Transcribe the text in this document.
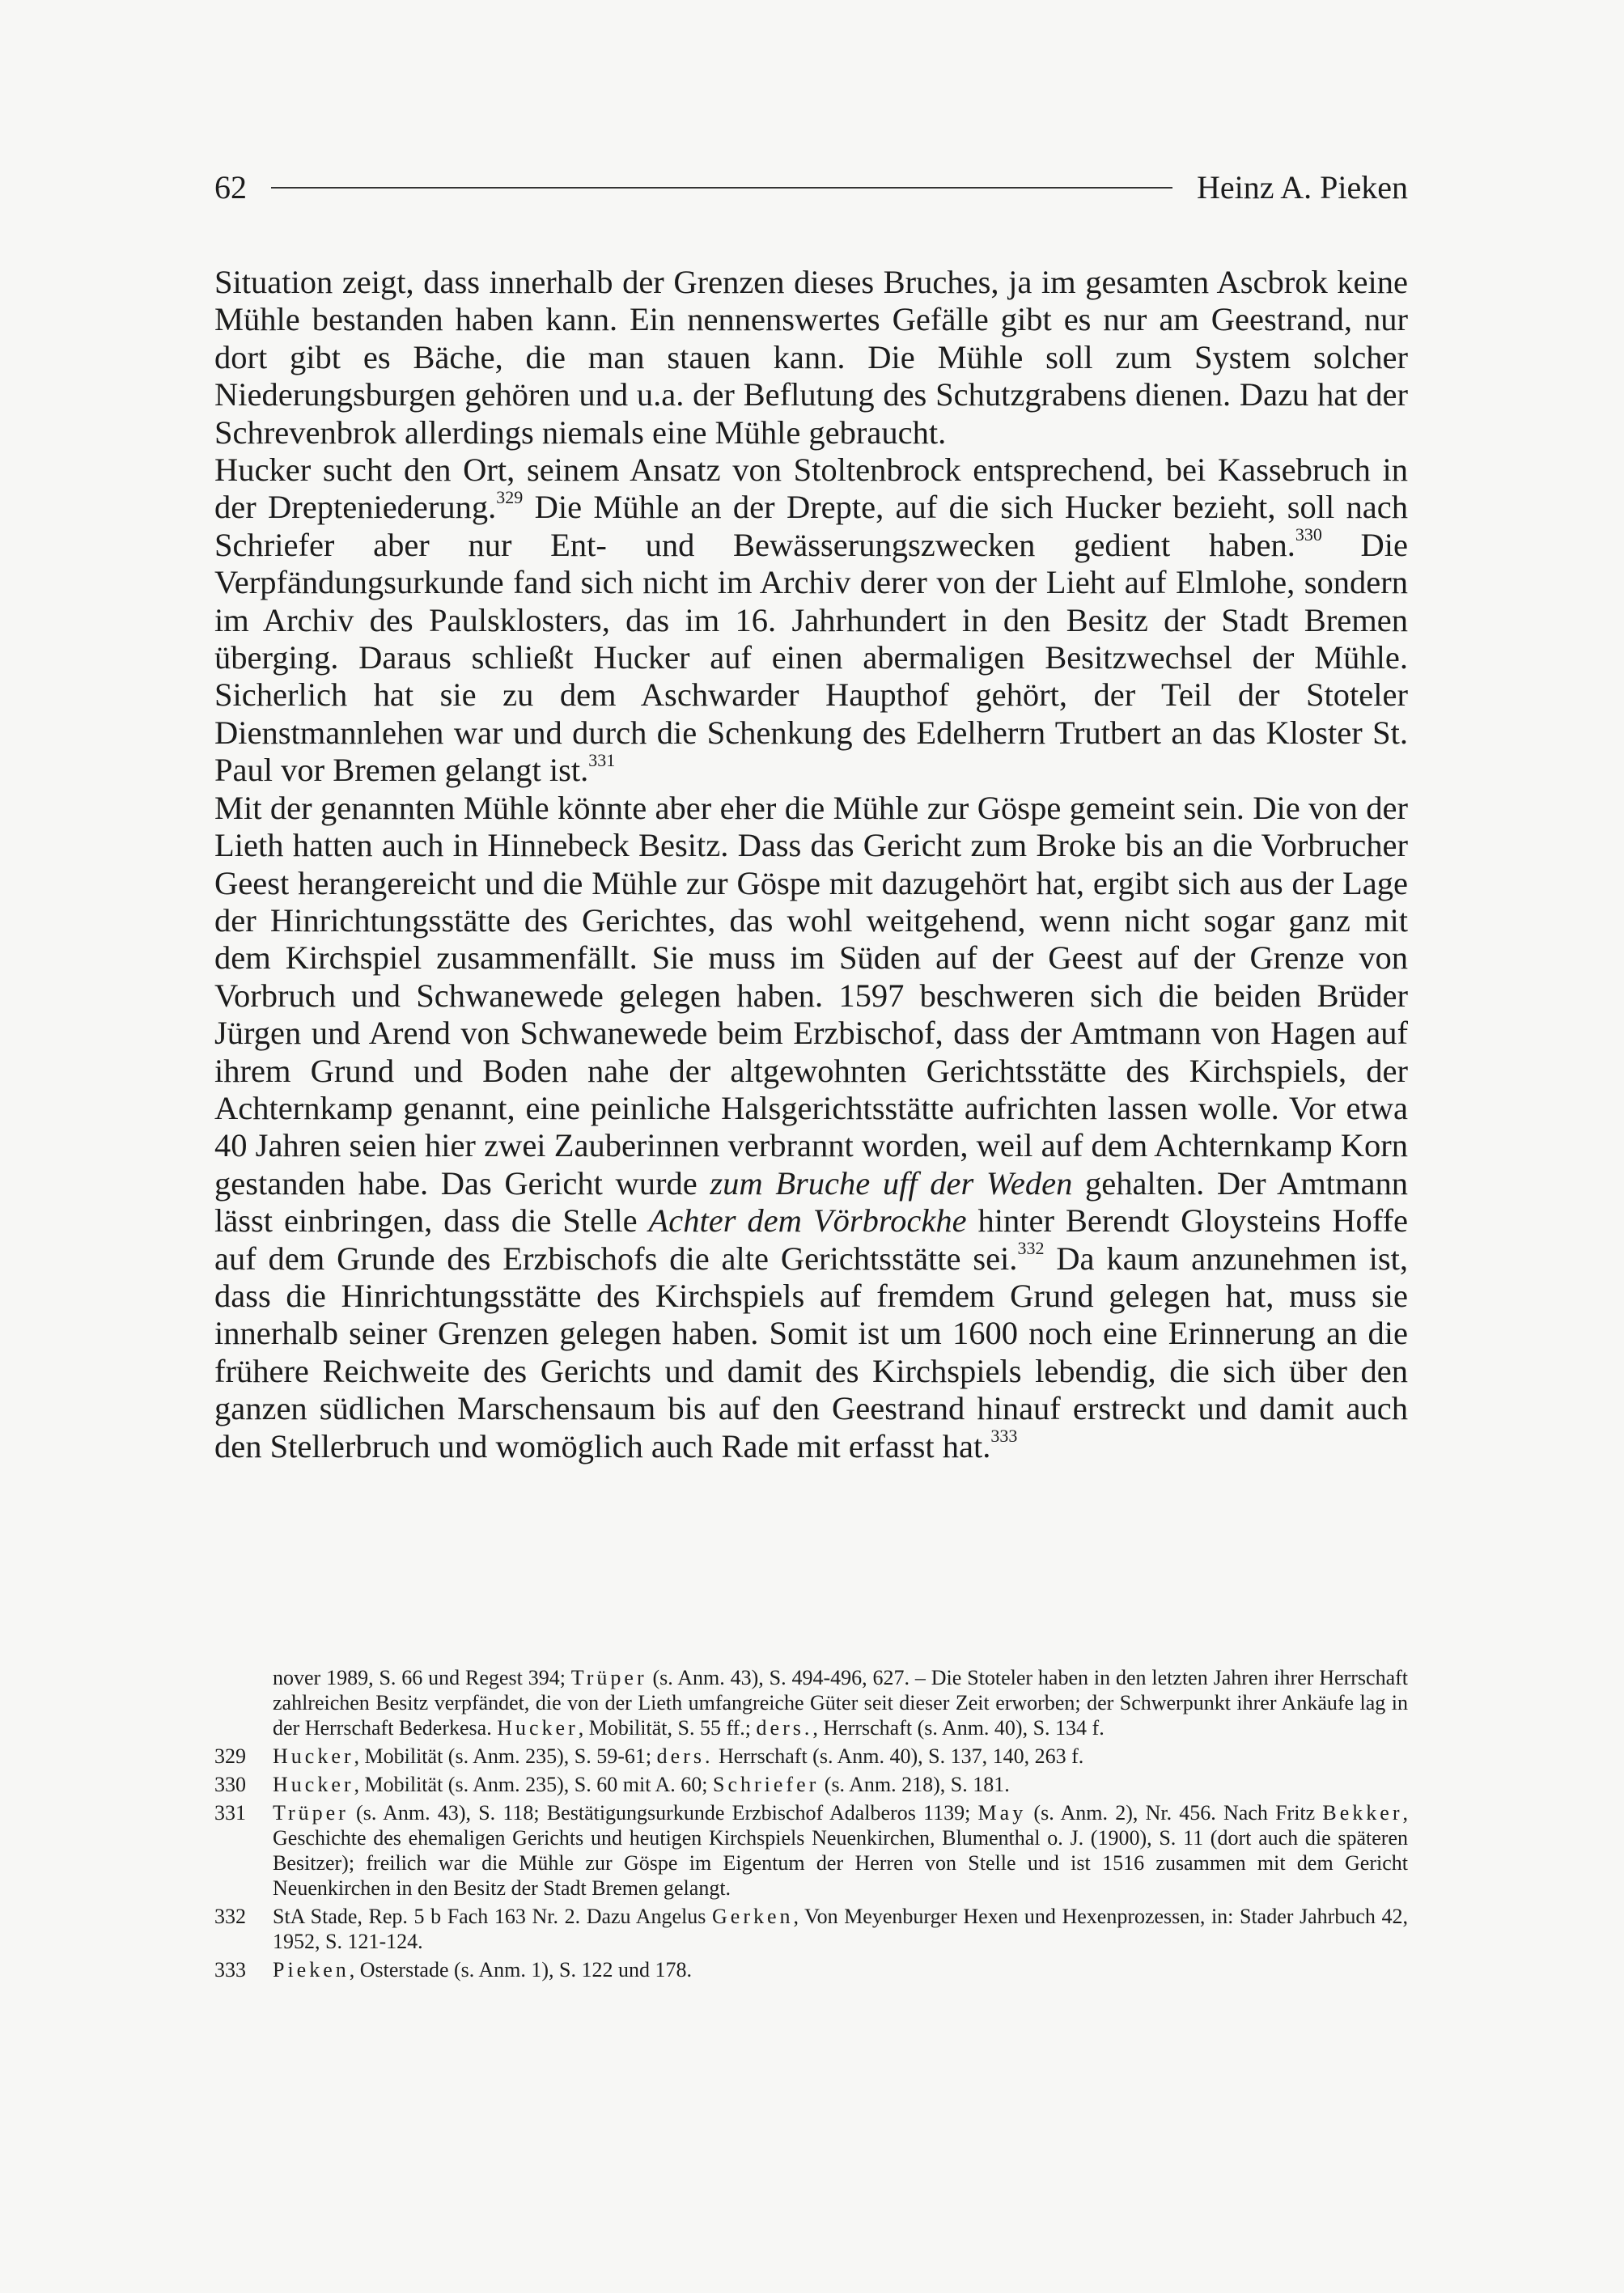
62	Heinz A. Pieken

Situation zeigt, dass innerhalb der Grenzen dieses Bruches, ja im gesamten Ascbrok keine Mühle bestanden haben kann. Ein nennenswertes Gefälle gibt es nur am Geestrand, nur dort gibt es Bäche, die man stauen kann. Die Mühle soll zum System solcher Niederungsburgen gehören und u.a. der Beflutung des Schutzgrabens dienen. Dazu hat der Schrevenbrok allerdings niemals eine Mühle gebraucht.

Hucker sucht den Ort, seinem Ansatz von Stoltenbrock entsprechend, bei Kassebruch in der Drepteniederung.$^{329}$ Die Mühle an der Drepte, auf die sich Hucker bezieht, soll nach Schriefer aber nur Ent- und Bewässerungszwecken gedient haben.$^{330}$ Die Verpfändungsurkunde fand sich nicht im Archiv derer von der Lieht auf Elmlohe, sondern im Archiv des Paulsklosters, das im 16. Jahrhundert in den Besitz der Stadt Bremen überging. Daraus schließt Hucker auf einen abermaligen Besitzwechsel der Mühle. Sicherlich hat sie zu dem Aschwarder Haupthof gehört, der Teil der Stoteler Dienstmannlehen war und durch die Schenkung des Edelherrn Trutbert an das Kloster St. Paul vor Bremen gelangt ist.$^{331}$

Mit der genannten Mühle könnte aber eher die Mühle zur Göspe gemeint sein. Die von der Lieth hatten auch in Hinnebeck Besitz. Dass das Gericht zum Broke bis an die Vorbrucher Geest herangereicht und die Mühle zur Göspe mit dazugehört hat, ergibt sich aus der Lage der Hinrichtungsstätte des Gerichtes, das wohl weitgehend, wenn nicht sogar ganz mit dem Kirchspiel zusammenfällt. Sie muss im Süden auf der Geest auf der Grenze von Vorbruch und Schwanewede gelegen haben. 1597 beschweren sich die beiden Brüder Jürgen und Arend von Schwanewede beim Erzbischof, dass der Amtmann von Hagen auf ihrem Grund und Boden nahe der altgewohnten Gerichtsstätte des Kirchspiels, der Achternkamp genannt, eine peinliche Halsgerichtsstätte aufrichten lassen wolle. Vor etwa 40 Jahren seien hier zwei Zauberinnen verbrannt worden, weil auf dem Achternkamp Korn gestanden habe. Das Gericht wurde zum Bruche uff der Weden gehalten. Der Amtmann lässt einbringen, dass die Stelle Achter dem Vörbrockhe hinter Berendt Gloysteins Hoffe auf dem Grunde des Erzbischofs die alte Gerichtsstätte sei.$^{332}$ Da kaum anzunehmen ist, dass die Hinrichtungsstätte des Kirchspiels auf fremdem Grund gelegen hat, muss sie innerhalb seiner Grenzen gelegen haben. Somit ist um 1600 noch eine Erinnerung an die frühere Reichweite des Gerichts und damit des Kirchspiels lebendig, die sich über den ganzen südlichen Marschensaum bis auf den Geestrand hinauf erstreckt und damit auch den Stellerbruch und womöglich auch Rade mit erfasst hat.$^{333}$

nover 1989, S. 66 und Regest 394; Trüper (s. Anm. 43), S. 494-496, 627. – Die Stoteler haben in den letzten Jahren ihrer Herrschaft zahlreichen Besitz verpfändet, die von der Lieth umfangreiche Güter seit dieser Zeit erworben; der Schwerpunkt ihrer Ankäufe lag in der Herrschaft Bederkesa. Hucker, Mobilität, S. 55 ff.; ders., Herrschaft (s. Anm. 40), S. 134 f.
329	Hucker, Mobilität (s. Anm. 235), S. 59-61; ders. Herrschaft (s. Anm. 40), S. 137, 140, 263 f.
330	Hucker, Mobilität (s. Anm. 235), S. 60 mit A. 60; Schriefer (s. Anm. 218), S. 181.
331	Trüper (s. Anm. 43), S. 118; Bestätigungsurkunde Erzbischof Adalberos 1139; May (s. Anm. 2), Nr. 456. Nach Fritz Bekker, Geschichte des ehemaligen Gerichts und heutigen Kirchspiels Neuenkirchen, Blumenthal o. J. (1900), S. 11 (dort auch die späteren Besitzer); freilich war die Mühle zur Göspe im Eigentum der Herren von Stelle und ist 1516 zusammen mit dem Gericht Neuenkirchen in den Besitz der Stadt Bremen gelangt.
332	StA Stade, Rep. 5 b Fach 163 Nr. 2. Dazu Angelus Gerken, Von Meyenburger Hexen und Hexenprozessen, in: Stader Jahrbuch 42, 1952, S. 121-124.
333	Pieken, Osterstade (s. Anm. 1), S. 122 und 178.
